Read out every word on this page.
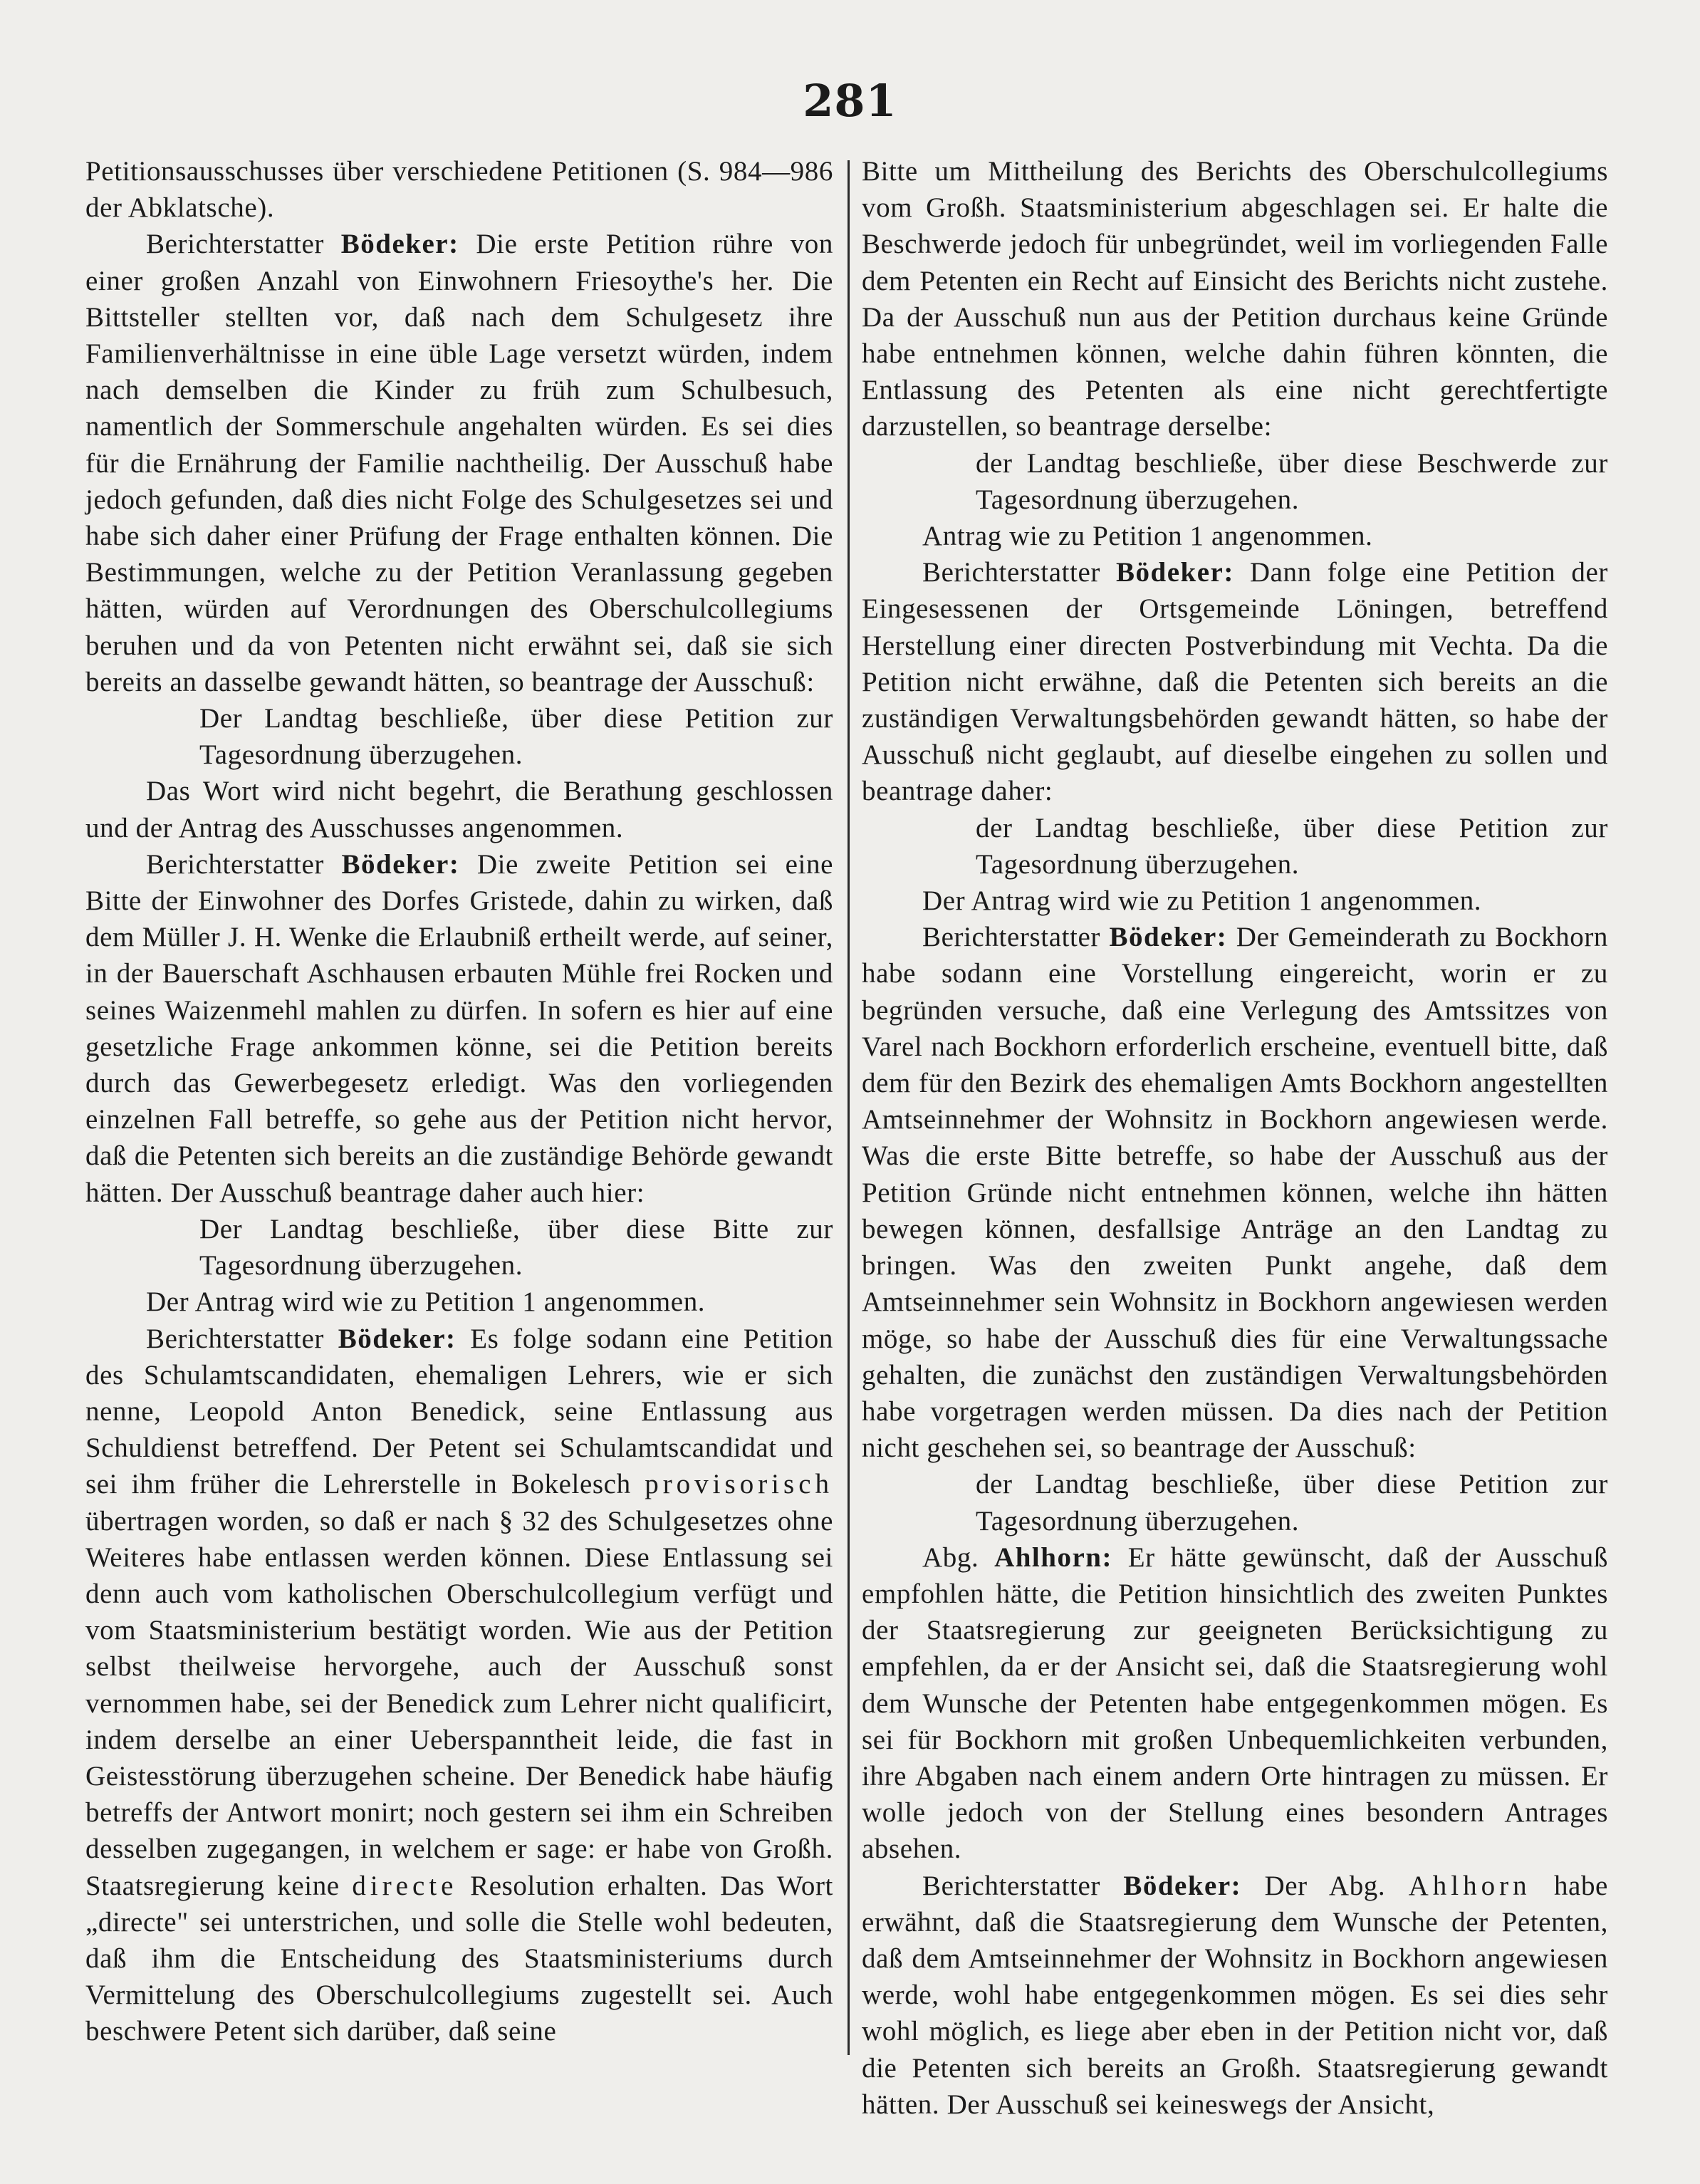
281

Petitionsausschusses über verschiedene Petitionen (S. 984—986 der Abklatsche).

Berichterstatter Bödeker: Die erste Petition rühre von einer großen Anzahl von Einwohnern Friesoythe's her. Die Bittsteller stellten vor, daß nach dem Schulgesetz ihre Familienverhältnisse in eine üble Lage versetzt würden, indem nach demselben die Kinder zu früh zum Schulbesuch, namentlich der Sommerschule angehalten würden. Es sei dies für die Ernährung der Familie nachtheilig. Der Ausschuß habe jedoch gefunden, daß dies nicht Folge des Schulgesetzes sei und habe sich daher einer Prüfung der Frage enthalten können. Die Bestimmungen, welche zu der Petition Veranlassung gegeben hätten, würden auf Verordnungen des Oberschulcollegiums beruhen und da von Petenten nicht erwähnt sei, daß sie sich bereits an dasselbe gewandt hätten, so beantrage der Ausschuß:

Der Landtag beschließe, über diese Petition zur Tagesordnung überzugehen.

Das Wort wird nicht begehrt, die Berathung geschlossen und der Antrag des Ausschusses angenommen.

Berichterstatter Bödeker: Die zweite Petition sei eine Bitte der Einwohner des Dorfes Gristede, dahin zu wirken, daß dem Müller J. H. Wenke die Erlaubniß ertheilt werde, auf seiner, in der Bauerschaft Aschhausen erbauten Mühle frei Rocken und seines Waizenmehl mahlen zu dürfen. In sofern es hier auf eine gesetzliche Frage ankommen könne, sei die Petition bereits durch das Gewerbegesetz erledigt. Was den vorliegenden einzelnen Fall betreffe, so gehe aus der Petition nicht hervor, daß die Petenten sich bereits an die zuständige Behörde gewandt hätten. Der Ausschuß beantrage daher auch hier:

Der Landtag beschließe, über diese Bitte zur Tagesordnung überzugehen.

Der Antrag wird wie zu Petition 1 angenommen.

Berichterstatter Bödeker: Es folge sodann eine Petition des Schulamtscandidaten, ehemaligen Lehrers, wie er sich nenne, Leopold Anton Benedick, seine Entlassung aus Schuldienst betreffend. Der Petent sei Schulamtscandidat und sei ihm früher die Lehrerstelle in Bokelesch provisorisch übertragen worden, so daß er nach § 32 des Schulgesetzes ohne Weiteres habe entlassen werden können. Diese Entlassung sei denn auch vom katholischen Oberschulcollegium verfügt und vom Staatsministerium bestätigt worden. Wie aus der Petition selbst theilweise hervorgehe, auch der Ausschuß sonst vernommen habe, sei der Benedick zum Lehrer nicht qualificirt, indem derselbe an einer Ueberspanntheit leide, die fast in Geistesstörung überzugehen scheine. Der Benedick habe häufig betreffs der Antwort monirt; noch gestern sei ihm ein Schreiben desselben zugegangen, in welchem er sage: er habe von Großh. Staatsregierung keine directe Resolution erhalten. Das Wort „directe" sei unterstrichen, und solle die Stelle wohl bedeuten, daß ihm die Entscheidung des Staatsministeriums durch Vermittelung des Oberschulcollegiums zugestellt sei. Auch beschwere Petent sich darüber, daß seine

Bitte um Mittheilung des Berichts des Oberschulcollegiums vom Großh. Staatsministerium abgeschlagen sei. Er halte die Beschwerde jedoch für unbegründet, weil im vorliegenden Falle dem Petenten ein Recht auf Einsicht des Berichts nicht zustehe. Da der Ausschuß nun aus der Petition durchaus keine Gründe habe entnehmen können, welche dahin führen könnten, die Entlassung des Petenten als eine nicht gerechtfertigte darzustellen, so beantrage derselbe:

der Landtag beschließe, über diese Beschwerde zur Tagesordnung überzugehen.

Antrag wie zu Petition 1 angenommen.

Berichterstatter Bödeker: Dann folge eine Petition der Eingesessenen der Ortsgemeinde Löningen, betreffend Herstellung einer directen Postverbindung mit Vechta. Da die Petition nicht erwähne, daß die Petenten sich bereits an die zuständigen Verwaltungsbehörden gewandt hätten, so habe der Ausschuß nicht geglaubt, auf dieselbe eingehen zu sollen und beantrage daher:

der Landtag beschließe, über diese Petition zur Tagesordnung überzugehen.

Der Antrag wird wie zu Petition 1 angenommen.

Berichterstatter Bödeker: Der Gemeinderath zu Bockhorn habe sodann eine Vorstellung eingereicht, worin er zu begründen versuche, daß eine Verlegung des Amtssitzes von Varel nach Bockhorn erforderlich erscheine, eventuell bitte, daß dem für den Bezirk des ehemaligen Amts Bockhorn angestellten Amtseinnehmer der Wohnsitz in Bockhorn angewiesen werde. Was die erste Bitte betreffe, so habe der Ausschuß aus der Petition Gründe nicht entnehmen können, welche ihn hätten bewegen können, desfallsige Anträge an den Landtag zu bringen. Was den zweiten Punkt angehe, daß dem Amtseinnehmer sein Wohnsitz in Bockhorn angewiesen werden möge, so habe der Ausschuß dies für eine Verwaltungssache gehalten, die zunächst den zuständigen Verwaltungsbehörden habe vorgetragen werden müssen. Da dies nach der Petition nicht geschehen sei, so beantrage der Ausschuß:

der Landtag beschließe, über diese Petition zur Tagesordnung überzugehen.

Abg. Ahlhorn: Er hätte gewünscht, daß der Ausschuß empfohlen hätte, die Petition hinsichtlich des zweiten Punktes der Staatsregierung zur geeigneten Berücksichtigung zu empfehlen, da er der Ansicht sei, daß die Staatsregierung wohl dem Wunsche der Petenten habe entgegenkommen mögen. Es sei für Bockhorn mit großen Unbequemlichkeiten verbunden, ihre Abgaben nach einem andern Orte hintragen zu müssen. Er wolle jedoch von der Stellung eines besondern Antrages absehen.

Berichterstatter Bödeker: Der Abg. Ahlhorn habe erwähnt, daß die Staatsregierung dem Wunsche der Petenten, daß dem Amtseinnehmer der Wohnsitz in Bockhorn angewiesen werde, wohl habe entgegenkommen mögen. Es sei dies sehr wohl möglich, es liege aber eben in der Petition nicht vor, daß die Petenten sich bereits an Großh. Staatsregierung gewandt hätten. Der Ausschuß sei keineswegs der Ansicht,
